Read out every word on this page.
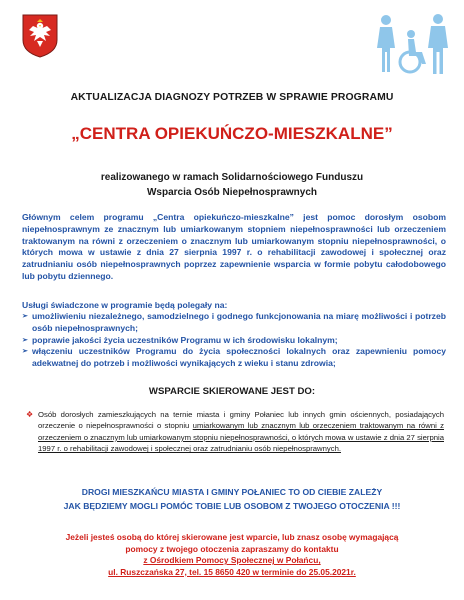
AKTUALIZACJA DIAGNOZY POTRZEB W SPRAWIE PROGRAMU
„CENTRA OPIEKUŃCZO-MIESZKALNE”
realizowanego w ramach Solidarnościowego Funduszu
Wsparcia Osób Niepełnosprawnych
Głównym celem programu „Centra opiekuńczo-mieszkalne” jest pomoc dorosłym osobom niepełnosprawnym ze znacznym lub umiarkowanym stopniem niepełnosprawności lub orzeczeniem traktowanym na równi z orzeczeniem o znacznym lub umiarkowanym stopniu niepełnosprawności, o których mowa w ustawie z dnia 27 sierpnia 1997 r. o rehabilitacji zawodowej i społecznej oraz zatrudnianiu osób niepełnosprawnych poprzez zapewnienie wsparcia w formie pobytu całodobowego lub pobytu dziennego.
Usługi świadczone w programie będą polegały na:
➢ umożliwieniu niezależnego, samodzielnego i godnego funkcjonowania na miarę możliwości i potrzeb osób niepełnosprawnych;
➢ poprawie jakości życia uczestników Programu w ich środowisku lokalnym;
➢ włączeniu uczestników Programu do życia społeczności lokalnych oraz zapewnieniu pomocy adekwatnej do potrzeb i możliwości wynikających z wieku i stanu zdrowia;
WSPARCIE SKIEROWANE JEST DO:
❖ Osób dorosłych zamieszkujących na ternie miasta i gminy Połaniec lub innych gmin ościennych, posiadających orzeczenie o niepełnosprawności o stopniu umiarkowanym lub znacznym lub orzeczeniem traktowanym na równi z orzeczeniem o znacznym lub umiarkowanym stopniu niepełnosprawności, o których mowa w ustawie z dnia 27 sierpnia 1997 r. o rehabilitacji zawodowej i społecznej oraz zatrudnianiu osób niepełnosprawnych.
DROGI MIESZKAŃCU MIASTA I GMINY POŁANIEC TO OD CIEBIE ZALEŻY
JAK BĘDZIEMY MOGLI POMÓC TOBIE LUB OSOBOM Z TWOJEGO OTOCZENIA !!!
Jeżeli jesteś osobą do której skierowane jest wparcie, lub znasz osobę wymagającą
pomocy z twojego otoczenia zapraszamy do kontaktu
z Ośrodkiem Pomocy Społecznej w Połańcu,
ul. Ruszczańska 27, tel. 15 8650 420 w terminie do 25.05.2021r.
